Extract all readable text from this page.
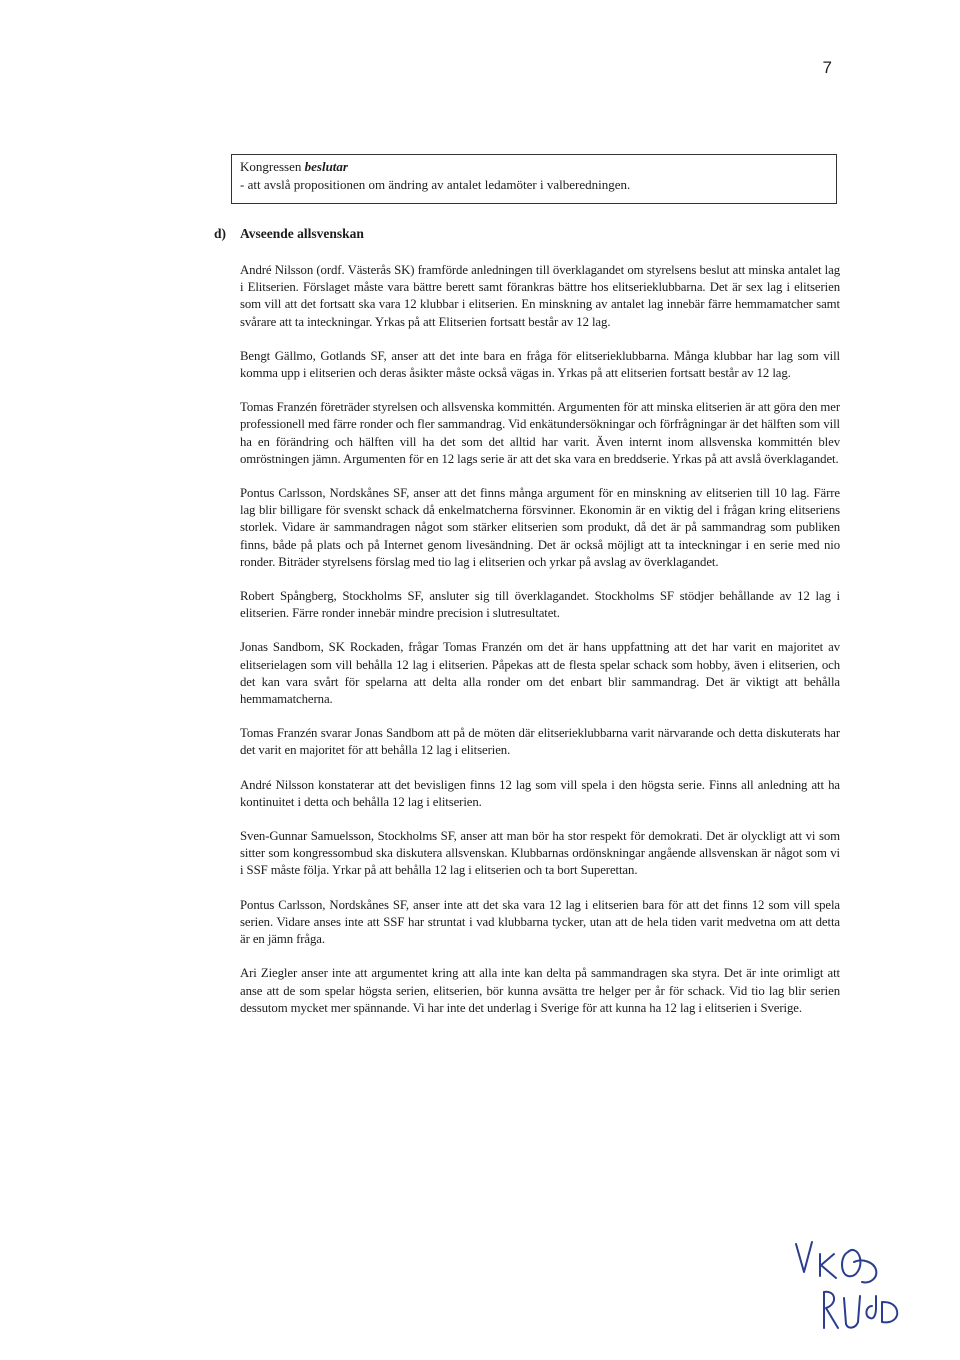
7
Kongressen beslutar
- att avslå propositionen om ändring av antalet ledamöter i valberedningen.
d) Avseende allsvenskan

André Nilsson (ordf. Västerås SK) framförde anledningen till överklagandet om styrelsens beslut att minska antalet lag i Elitserien. Förslaget måste vara bättre berett samt förankras bättre hos elitserieklubbarna. Det är sex lag i elitserien som vill att det fortsatt ska vara 12 klubbar i elitserien. En minskning av antalet lag innebär färre hemmamatcher samt svårare att ta inteckningar. Yrkas på att Elitserien fortsatt består av 12 lag.

Bengt Gällmo, Gotlands SF, anser att det inte bara en fråga för elitserieklubbarna. Många klubbar har lag som vill komma upp i elitserien och deras åsikter måste också vägas in. Yrkas på att elitserien fortsatt består av 12 lag.

Tomas Franzén företräder styrelsen och allsvenska kommittén. Argumenten för att minska elitserien är att göra den mer professionell med färre ronder och fler sammandrag. Vid enkätundersökningar och förfrågningar är det hälften som vill ha en förändring och hälften vill ha det som det alltid har varit. Även internt inom allsvenska kommittén blev omröstningen jämn. Argumenten för en 12 lags serie är att det ska vara en breddserie. Yrkas på att avslå överklagandet.

Pontus Carlsson, Nordskånes SF, anser att det finns många argument för en minskning av elitserien till 10 lag. Färre lag blir billigare för svenskt schack då enkelmatcherna försvinner. Ekonomin är en viktig del i frågan kring elitseriens storlek. Vidare är sammandragen något som stärker elitserien som produkt, då det är på sammandrag som publiken finns, både på plats och på Internet genom livesändning. Det är också möjligt att ta inteckningar i en serie med nio ronder. Biträder styrelsens förslag med tio lag i elitserien och yrkar på avslag av överklagandet.

Robert Spångberg, Stockholms SF, ansluter sig till överklagandet. Stockholms SF stödjer behållande av 12 lag i elitserien. Färre ronder innebär mindre precision i slutresultatet.

Jonas Sandbom, SK Rockaden, frågar Tomas Franzén om det är hans uppfattning att det har varit en majoritet av elitserielagen som vill behålla 12 lag i elitserien. Påpekas att de flesta spelar schack som hobby, även i elitserien, och det kan vara svårt för spelarna att delta alla ronder om det enbart blir sammandrag. Det är viktigt att behålla hemmamatcherna.

Tomas Franzén svarar Jonas Sandbom att på de möten där elitserieklubbarna varit närvarande och detta diskuterats har det varit en majoritet för att behålla 12 lag i elitserien.

André Nilsson konstaterar att det bevisligen finns 12 lag som vill spela i den högsta serie. Finns all anledning att ha kontinuitet i detta och behålla 12 lag i elitserien.

Sven-Gunnar Samuelsson, Stockholms SF, anser att man bör ha stor respekt för demokrati. Det är olyckligt att vi som sitter som kongressombud ska diskutera allsvenskan. Klubbarnas ordönskningar angående allsvenskan är något som vi i SSF måste följa. Yrkar på att behålla 12 lag i elitserien och ta bort Superettan.

Pontus Carlsson, Nordskånes SF, anser inte att det ska vara 12 lag i elitserien bara för att det finns 12 som vill spela serien. Vidare anses inte att SSF har struntat i vad klubbarna tycker, utan att de hela tiden varit medvetna om att detta är en jämn fråga.

Ari Ziegler anser inte att argumentet kring att alla inte kan delta på sammandragen ska styra. Det är inte orimligt att anse att de som spelar högsta serien, elitserien, bör kunna avsätta tre helger per år för schack. Vid tio lag blir serien dessutom mycket mer spännande. Vi har inte det underlag i Sverige för att kunna ha 12 lag i elitserien i Sverige.
